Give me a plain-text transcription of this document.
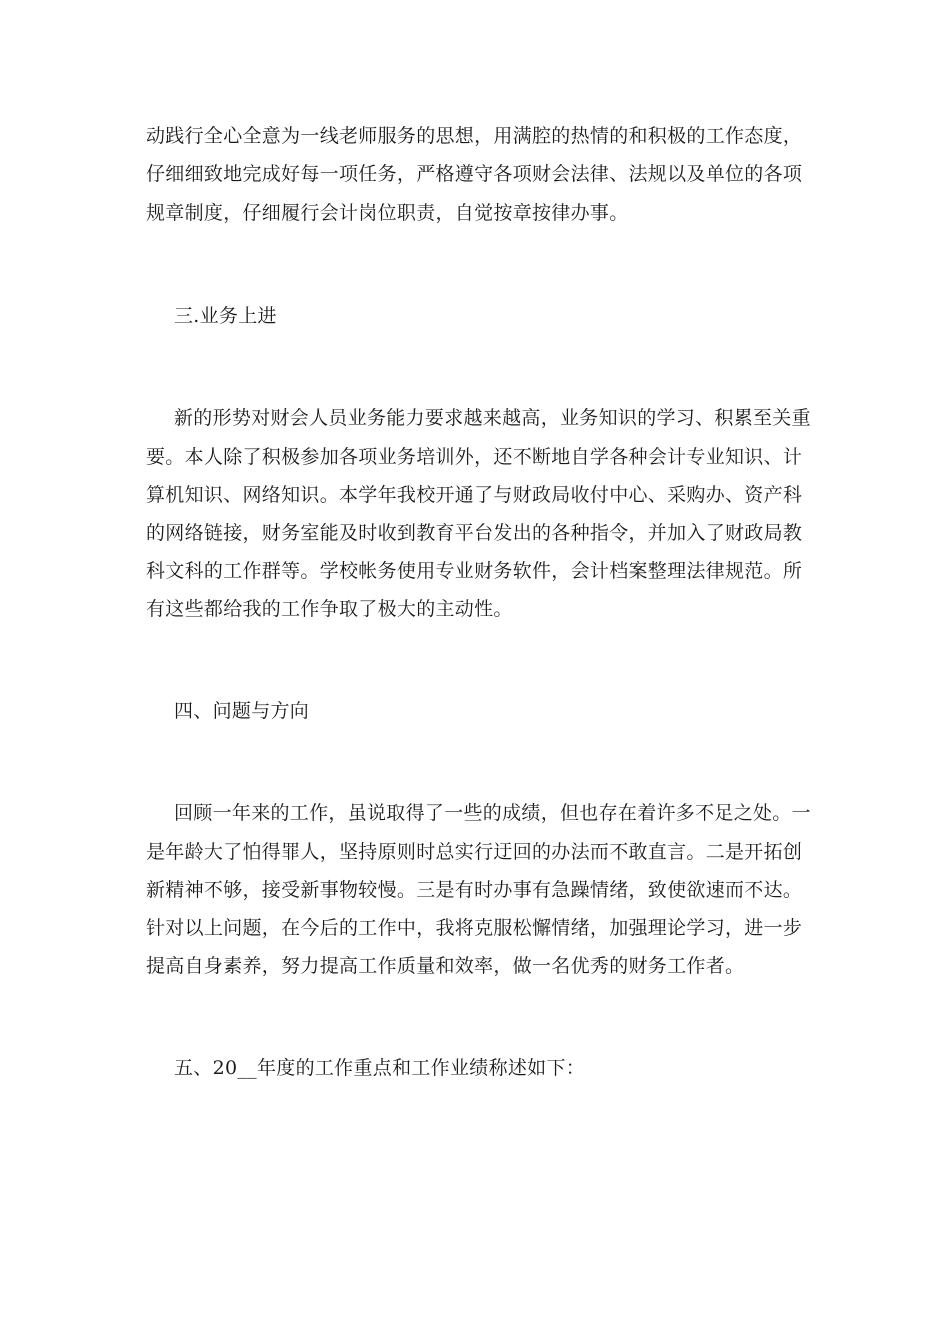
动践行全心全意为一线老师服务的思想，用满腔的热情的和积极的工作态度，
仔细细致地完成好每一项任务，严格遵守各项财会法律、法规以及单位的各项
规章制度，仔细履行会计岗位职责，自觉按章按律办事。
三.业务上进
新的形势对财会人员业务能力要求越来越高，业务知识的学习、积累至关重
要。本人除了积极参加各项业务培训外，还不断地自学各种会计专业知识、计
算机知识、网络知识。本学年我校开通了与财政局收付中心、采购办、资产科
的网络链接，财务室能及时收到教育平台发出的各种指令，并加入了财政局教
科文科的工作群等。学校帐务使用专业财务软件，会计档案整理法律规范。所
有这些都给我的工作争取了极大的主动性。
四、问题与方向
回顾一年来的工作，虽说取得了一些的成绩，但也存在着许多不足之处。一
是年龄大了怕得罪人，坚持原则时总实行迂回的办法而不敢直言。二是开拓创
新精神不够，接受新事物较慢。三是有时办事有急躁情绪，致使欲速而不达。
针对以上问题，在今后的工作中，我将克服松懈情绪，加强理论学习，进一步
提高自身素养，努力提高工作质量和效率，做一名优秀的财务工作者。
五、20__年度的工作重点和工作业绩称述如下：
